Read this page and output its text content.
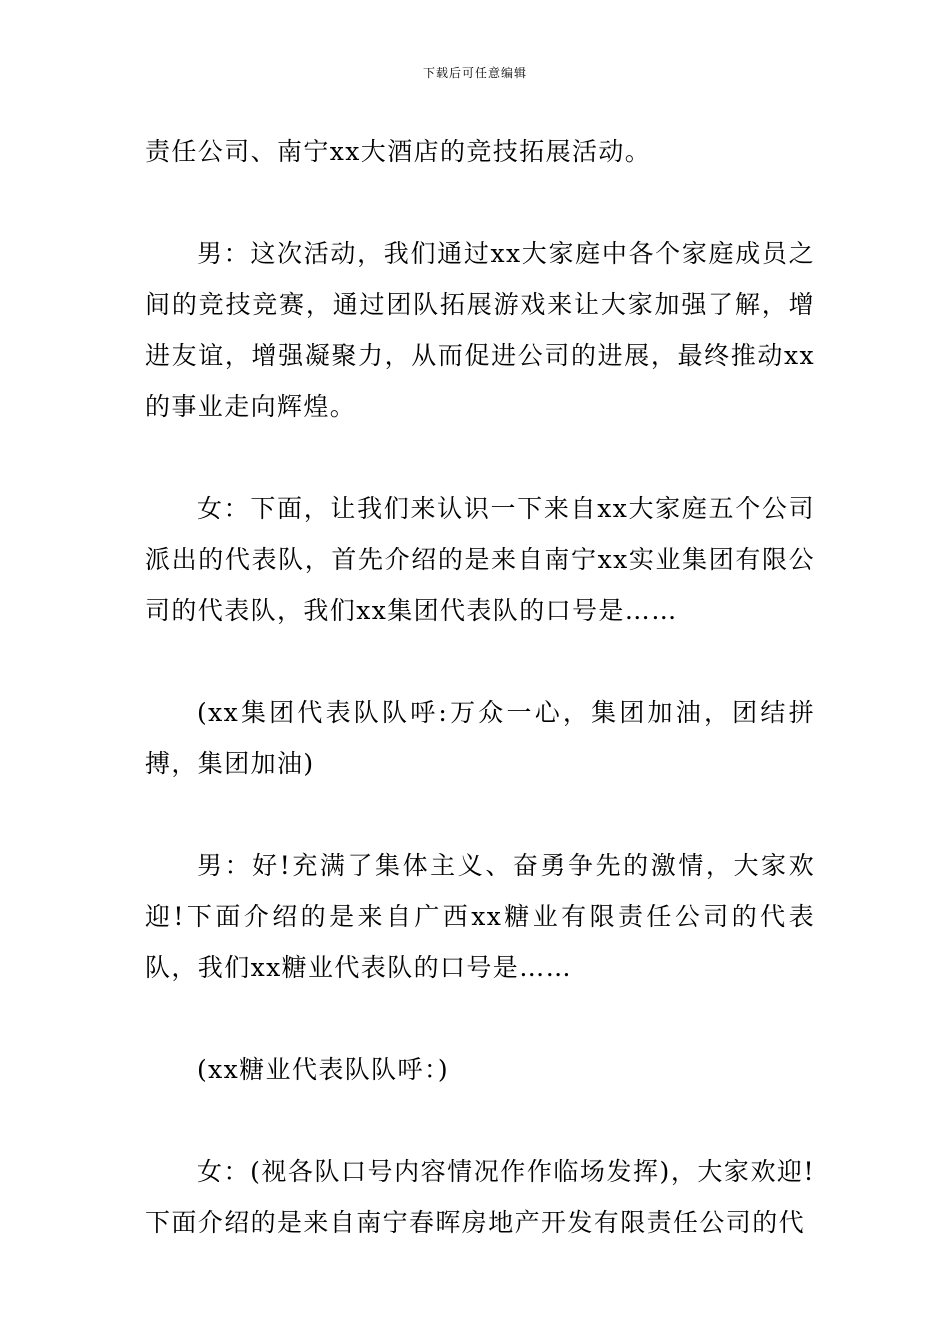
下载后可任意编辑

责任公司、南宁xx大酒店的竞技拓展活动。

男：这次活动，我们通过xx大家庭中各个家庭成员之间的竞技竞赛，通过团队拓展游戏来让大家加强了解，增进友谊，增强凝聚力，从而促进公司的进展，最终推动xx的事业走向辉煌。

女：下面，让我们来认识一下来自xx大家庭五个公司派出的代表队，首先介绍的是来自南宁xx实业集团有限公司的代表队，我们xx集团代表队的口号是……

(xx集团代表队队呼:万众一心，集团加油，团结拼搏，集团加油)

男：好!充满了集体主义、奋勇争先的激情，大家欢迎!下面介绍的是来自广西xx糖业有限责任公司的代表队，我们xx糖业代表队的口号是……

(xx糖业代表队队呼：)

女：(视各队口号内容情况作作临场发挥)，大家欢迎!下面介绍的是来自南宁春晖房地产开发有限责任公司的代
